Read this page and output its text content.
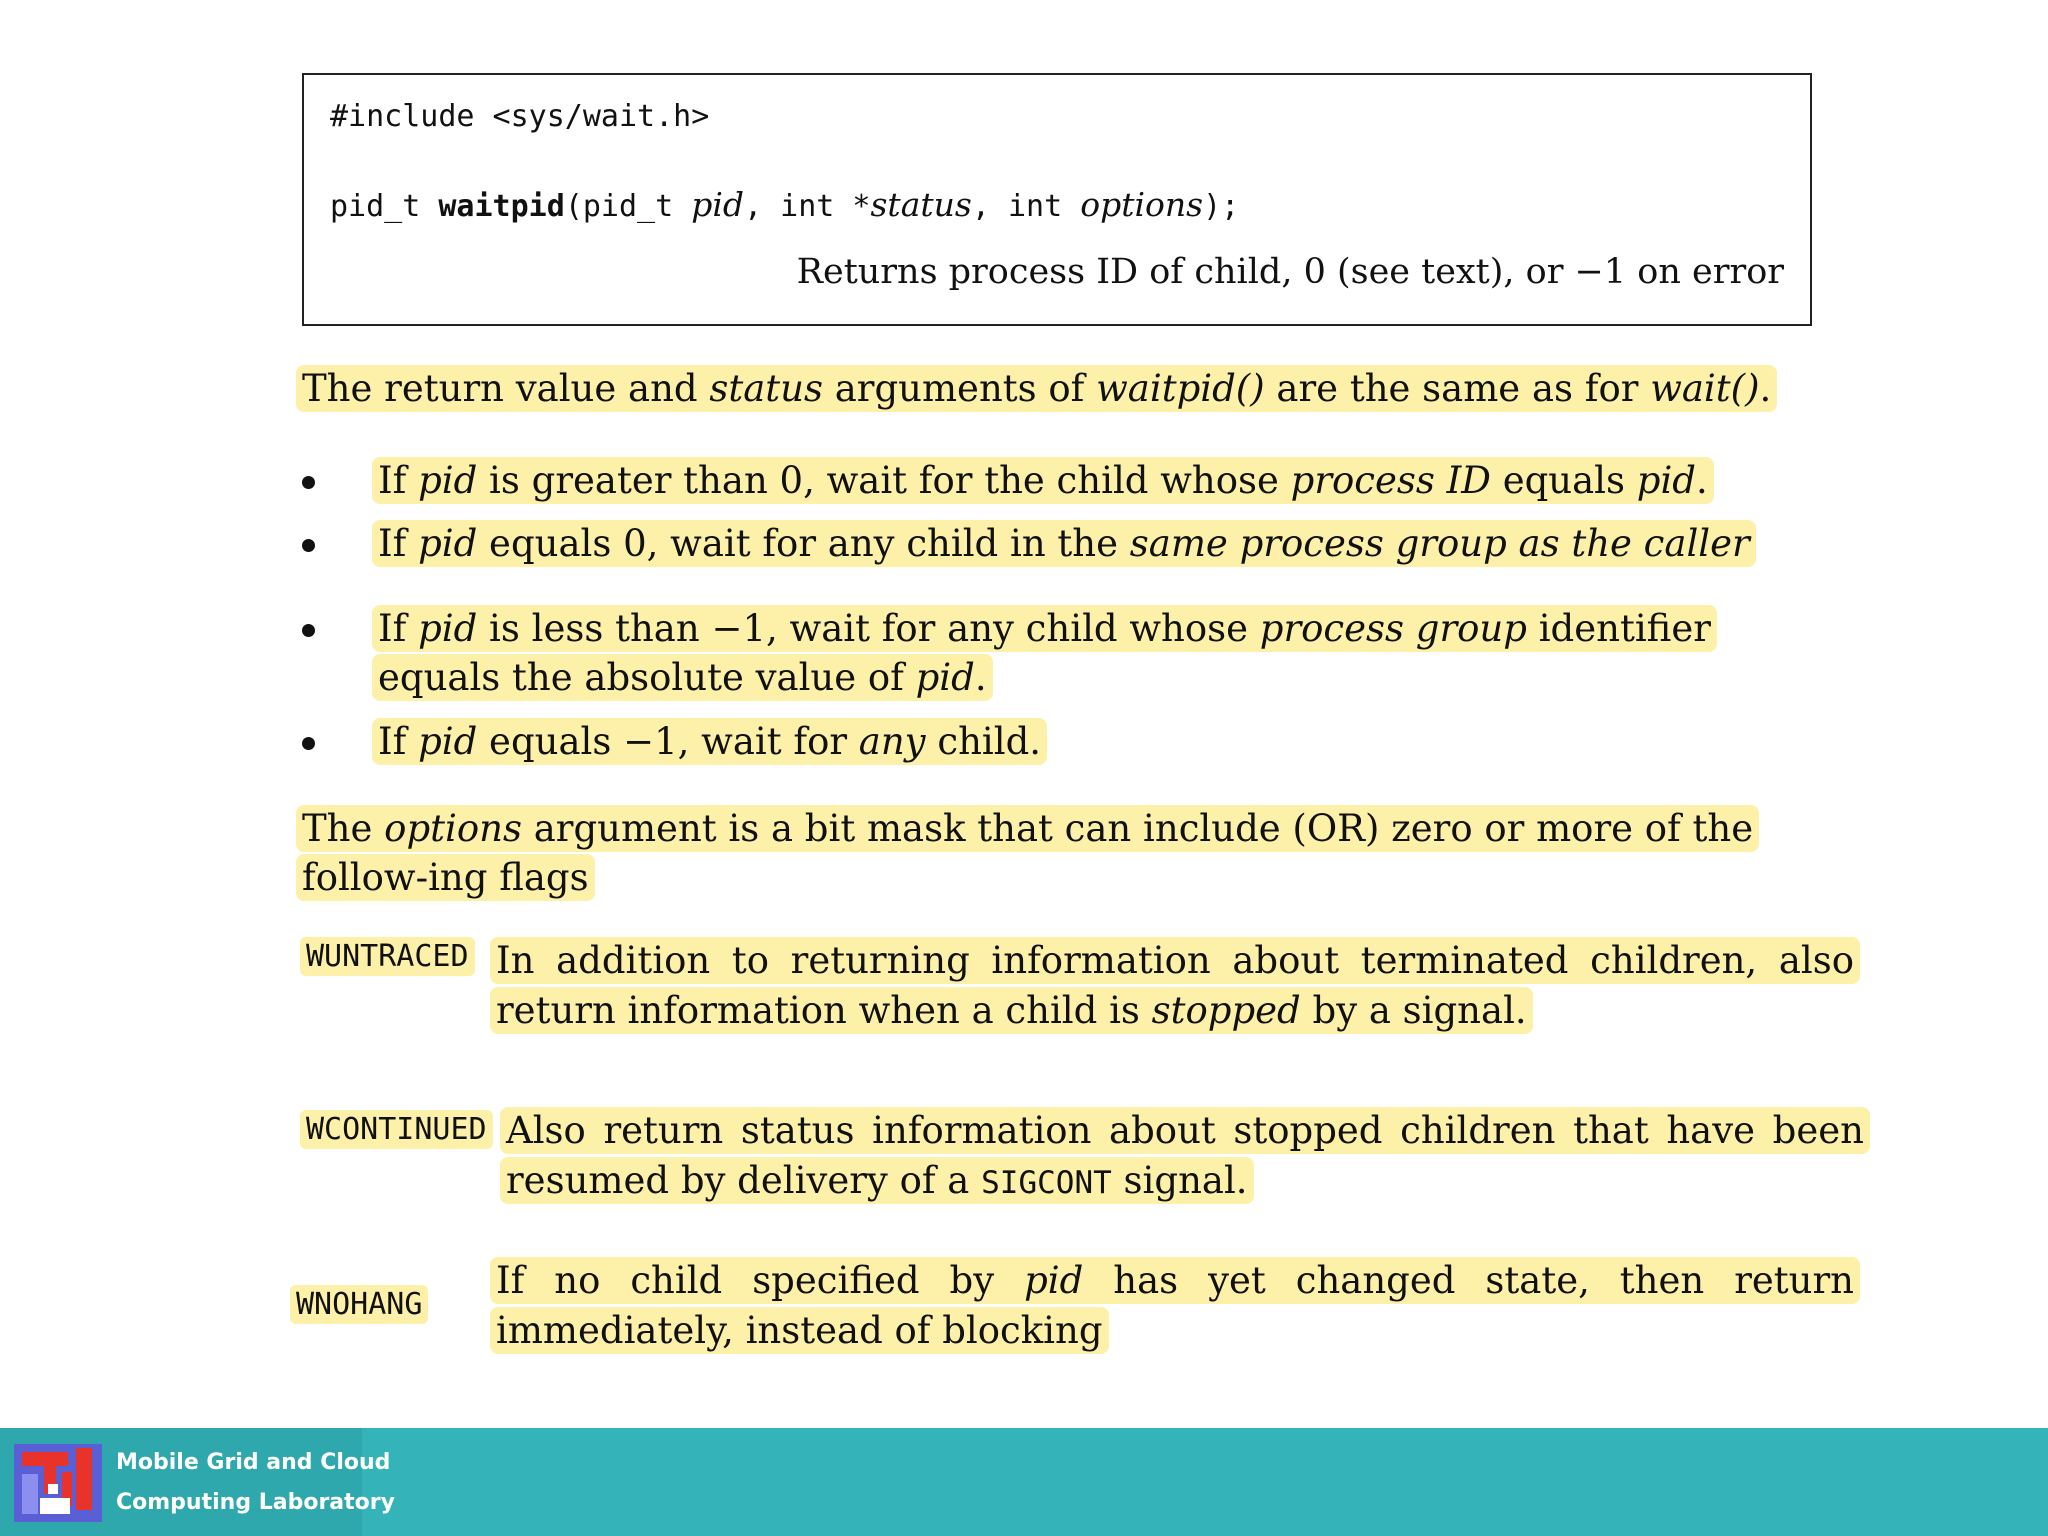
#include <sys/wait.h>
pid_t waitpid(pid_t pid, int *status, int options);
Returns process ID of child, 0 (see text), or −1 on error
The return value and status arguments of waitpid() are the same as for wait().
If pid is greater than 0, wait for the child whose process ID equals pid.
If pid equals 0, wait for any child in the same process group as the caller
If pid is less than −1, wait for any child whose process group identifier equals the absolute value of pid.
If pid equals −1, wait for any child.
The options argument is a bit mask that can include (OR) zero or more of the follow-ing flags
WUNTRACED In addition to returning information about terminated children, also return information when a child is stopped by a signal.
WCONTINUED Also return status information about stopped children that have been resumed by delivery of a SIGCONT signal.
WNOHANG
If no child specified by pid has yet changed state, then return immediately, instead of blocking
Mobile Grid and Cloud
Computing Laboratory
